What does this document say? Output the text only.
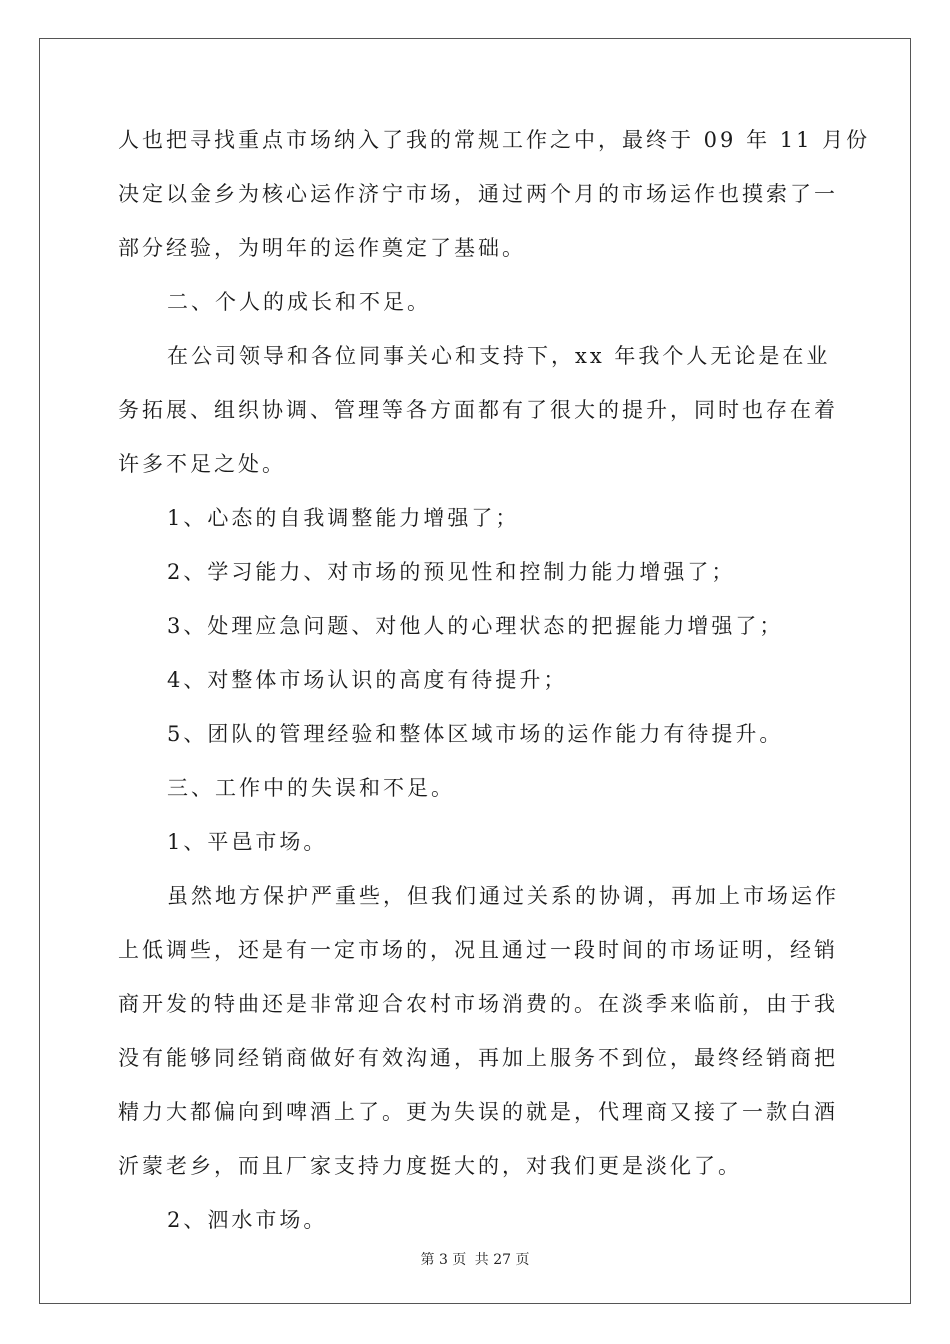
人也把寻找重点市场纳入了我的常规工作之中，最终于 09 年 11 月份
决定以金乡为核心运作济宁市场，通过两个月的市场运作也摸索了一
部分经验，为明年的运作奠定了基础。
二、个人的成长和不足。
在公司领导和各位同事关心和支持下，xx 年我个人无论是在业
务拓展、组织协调、管理等各方面都有了很大的提升，同时也存在着
许多不足之处。
1、心态的自我调整能力增强了；
2、学习能力、对市场的预见性和控制力能力增强了；
3、处理应急问题、对他人的心理状态的把握能力增强了；
4、对整体市场认识的高度有待提升；
5、团队的管理经验和整体区域市场的运作能力有待提升。
三、工作中的失误和不足。
1、平邑市场。
虽然地方保护严重些，但我们通过关系的协调，再加上市场运作
上低调些，还是有一定市场的，况且通过一段时间的市场证明，经销
商开发的特曲还是非常迎合农村市场消费的。在淡季来临前，由于我
没有能够同经销商做好有效沟通，再加上服务不到位，最终经销商把
精力大都偏向到啤酒上了。更为失误的就是，代理商又接了一款白酒
沂蒙老乡，而且厂家支持力度挺大的，对我们更是淡化了。
2、泗水市场。
第 3 页 共 27 页
